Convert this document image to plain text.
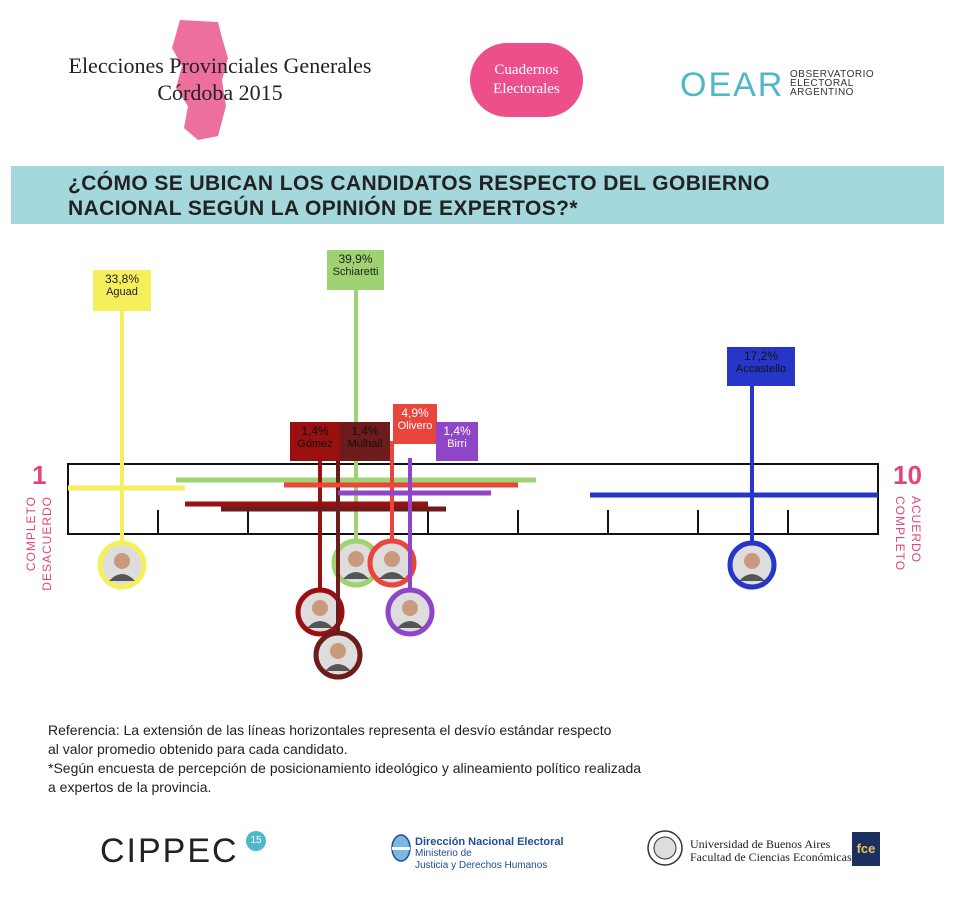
Elecciones Provinciales Generales
Córdoba 2015
Cuadernos
Electorales	OEAR OBSERVATORIO
ELECTORAL
ARGENTINO
¿CÓMO SE UBICAN LOS CANDIDATOS RESPECTO DEL GOBIERNO
NACIONAL SEGÚN LA OPINIÓN DE EXPERTOS?*
1
COMPLETO DESACUERDO
10
COMPLETO ACUERDO
33,8%
Aguad
39,9%
Schiaretti
1,4%
Gómez
1,4%
Mulhall
4,9%
Olivero 1,4%
Birri
17,2%
Accastello
Referencia: La extensión de las líneas horizontales representa el desvío estándar respecto
al valor promedio obtenido para cada candidato.
*Según encuesta de percepción de posicionamiento ideológico y alineamiento político realizada
a expertos de la provincia.
CIPPEC	15	Dirección Nacional Electoral
Ministerio de
Justicia y Derechos Humanos
Universidad de Buenos Aires
Facultad de Ciencias Económicas
fce
